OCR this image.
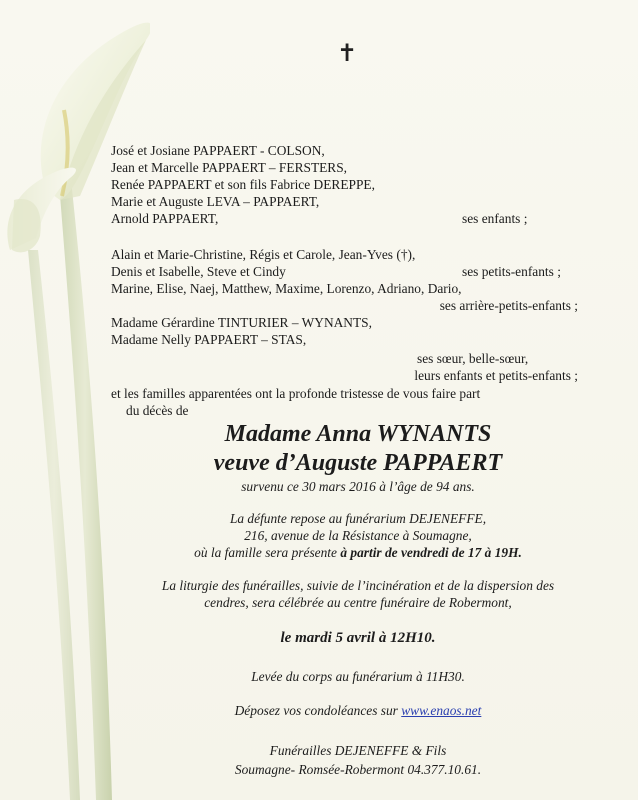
✝
José et Josiane PAPPAERT - COLSON,
Jean et Marcelle PAPPAERT – FERSTERS,
Renée PAPPAERT et son fils Fabrice DEREPPE,
Marie et Auguste LEVA – PAPPAERT,
Arnold PAPPAERT,	ses enfants ;
Alain et Marie-Christine, Régis et Carole, Jean-Yves (†),
Denis et Isabelle, Steve et Cindy	ses petits-enfants ;
Marine, Elise, Naej, Matthew, Maxime, Lorenzo, Adriano, Dario,
ses arrière-petits-enfants ;
Madame Gérardine TINTURIER – WYNANTS,
Madame Nelly PAPPAERT – STAS,
ses sœur, belle-sœur,
leurs enfants et petits-enfants ;
et les familles apparentées ont la profonde tristesse de vous faire part
du décès de
Madame Anna WYNANTS
veuve d’Auguste PAPPAERT
survenu ce 30 mars 2016 à l’âge de 94 ans.
La défunte repose au funérarium DEJENEFFE,
216, avenue de la Résistance à Soumagne,
où la famille sera présente à partir de vendredi de 17 à 19H.
La liturgie des funérailles, suivie de l’incinération et de la dispersion des
cendres, sera célébrée au centre funéraire de Robermont,
le mardi 5 avril à 12H10.
Levée du corps au funérarium à 11H30.
Déposez vos condoléances sur www.enaos.net
Funérailles DEJENEFFE & Fils
Soumagne- Romsée-Robermont 04.377.10.61.
